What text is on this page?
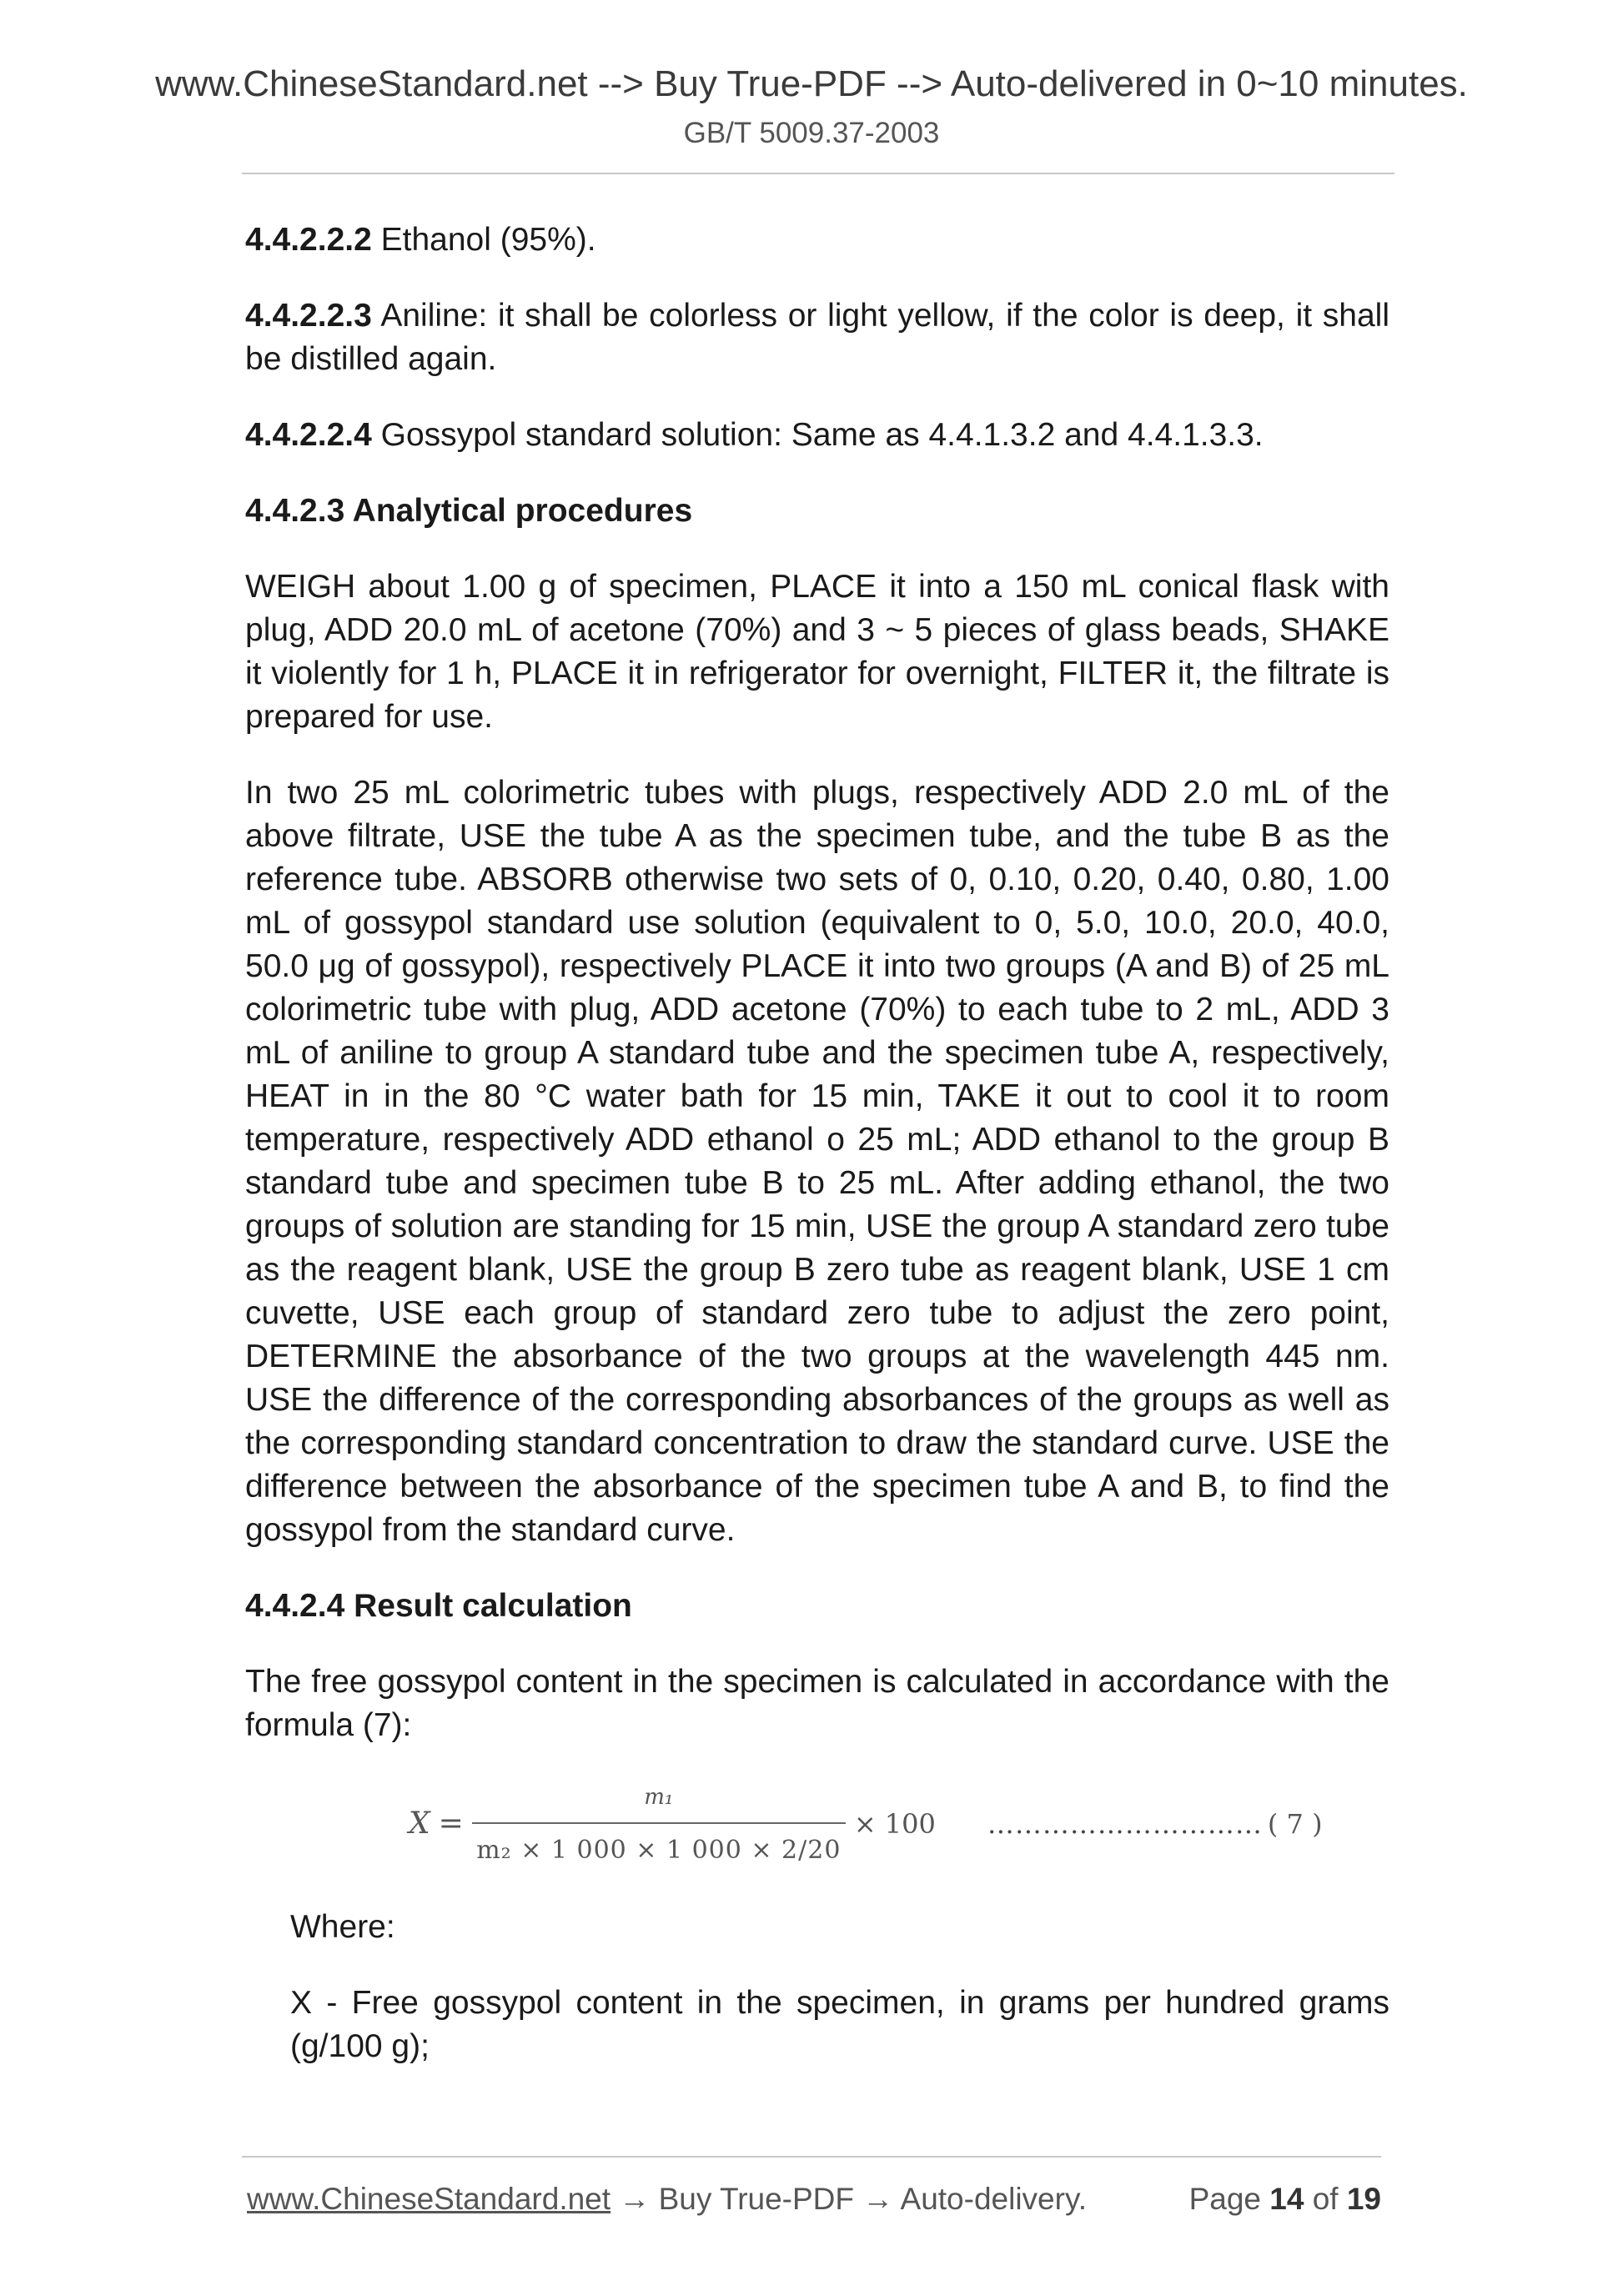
www.ChineseStandard.net --> Buy True-PDF --> Auto-delivered in 0~10 minutes.
GB/T 5009.37-2003

4.4.2.2.2 Ethanol (95%).

4.4.2.2.3 Aniline: it shall be colorless or light yellow, if the color is deep, it shall be distilled again.

4.4.2.2.4 Gossypol standard solution: Same as 4.4.1.3.2 and 4.4.1.3.3.

4.4.2.3 Analytical procedures

WEIGH about 1.00 g of specimen, PLACE it into a 150 mL conical flask with plug, ADD 20.0 mL of acetone (70%) and 3 ~ 5 pieces of glass beads, SHAKE it violently for 1 h, PLACE it in refrigerator for overnight, FILTER it, the filtrate is prepared for use.

In two 25 mL colorimetric tubes with plugs, respectively ADD 2.0 mL of the above filtrate, USE the tube A as the specimen tube, and the tube B as the reference tube. ABSORB otherwise two sets of 0, 0.10, 0.20, 0.40, 0.80, 1.00 mL of gossypol standard use solution (equivalent to 0, 5.0, 10.0, 20.0, 40.0, 50.0 μg of gossypol), respectively PLACE it into two groups (A and B) of 25 mL colorimetric tube with plug, ADD acetone (70%) to each tube to 2 mL, ADD 3 mL of aniline to group A standard tube and the specimen tube A, respectively, HEAT in in the 80 °C water bath for 15 min, TAKE it out to cool it to room temperature, respectively ADD ethanol o 25 mL; ADD ethanol to the group B standard tube and specimen tube B to 25 mL. After adding ethanol, the two groups of solution are standing for 15 min, USE the group A standard zero tube as the reagent blank, USE the group B zero tube as reagent blank, USE 1 cm cuvette, USE each group of standard zero tube to adjust the zero point, DETERMINE the absorbance of the two groups at the wavelength 445 nm. USE the difference of the corresponding absorbances of the groups as well as the corresponding standard concentration to draw the standard curve. USE the difference between the absorbance of the specimen tube A and B, to find the gossypol from the standard curve.

4.4.2.4 Result calculation

The free gossypol content in the specimen is calculated in accordance with the formula (7):

$X = \frac{\text{m₁}}{\text{m₂ × 1 000 × 1 000 × 2/20}} \times 100$ ………………………… ( 7 )

Where:

X - Free gossypol content in the specimen, in grams per hundred grams (g/100 g);

www.ChineseStandard.net → Buy True-PDF → Auto-delivery.	Page 14 of 19
